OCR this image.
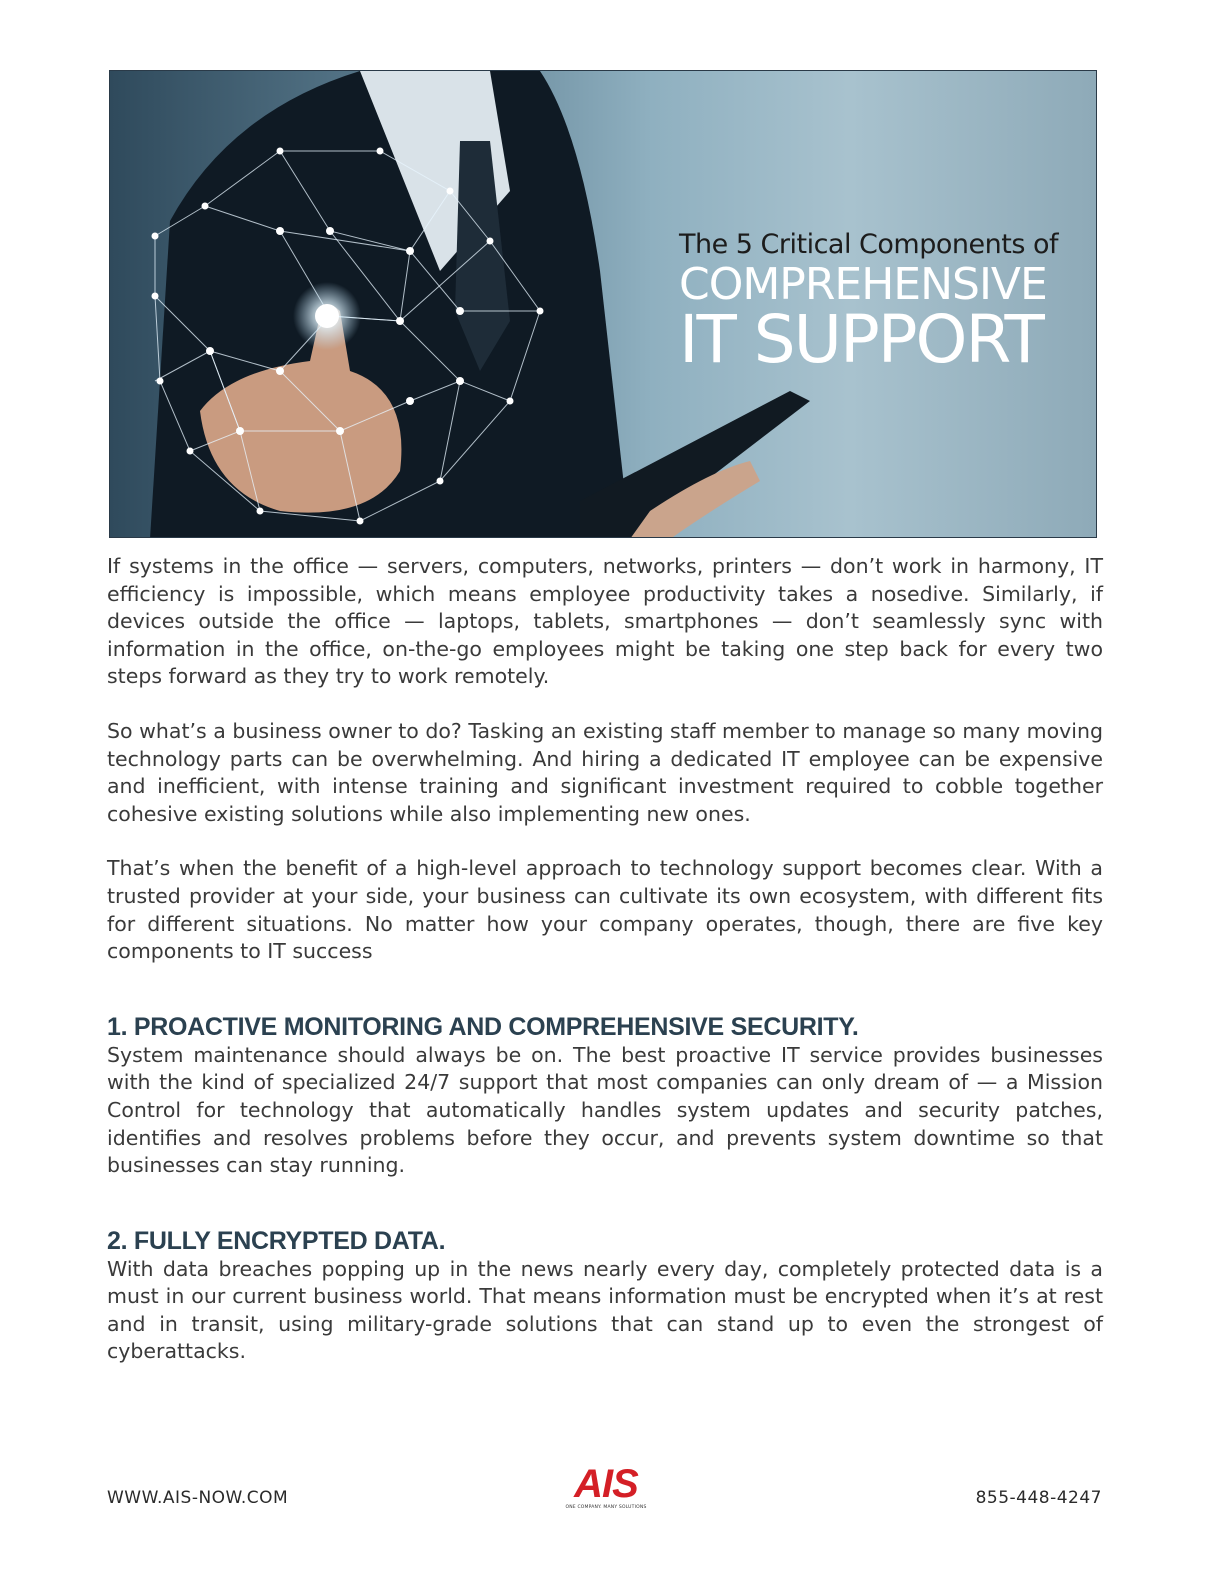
The 5 Critical Components of
COMPREHENSIVE
IT SUPPORT

If systems in the office — servers, computers, networks, printers — don’t work in harmony, IT efficiency is impossible, which means employee productivity takes a nosedive. Similarly, if devices outside the office — laptops, tablets, smartphones — don’t seamlessly sync with information in the office, on-the-go employees might be taking one step back for every two steps forward as they try to work remotely.

So what’s a business owner to do? Tasking an existing staff member to manage so many moving technology parts can be overwhelming. And hiring a dedicated IT employee can be expensive and inefficient, with intense training and significant investment required to cobble together cohesive existing solutions while also implementing new ones.

That’s when the benefit of a high-level approach to technology support becomes clear. With a trusted provider at your side, your business can cultivate its own ecosystem, with different fits for different situations. No matter how your company operates, though, there are five key components to IT success

1. PROACTIVE MONITORING AND COMPREHENSIVE SECURITY.

System maintenance should always be on. The best proactive IT service provides businesses with the kind of specialized 24/7 support that most companies can only dream of — a Mission Control for technology that automatically handles system updates and security patches, identifies and resolves problems before they occur, and prevents system downtime so that businesses can stay running.

2. FULLY ENCRYPTED DATA.

With data breaches popping up in the news nearly every day, completely protected data is a must in our current business world. That means information must be encrypted when it’s at rest and in transit, using military-grade solutions that can stand up to even the strongest of cyberattacks.

WWW.AIS-NOW.COM	AIS
ONE COMPANY. MANY SOLUTIONS	855-448-4247
